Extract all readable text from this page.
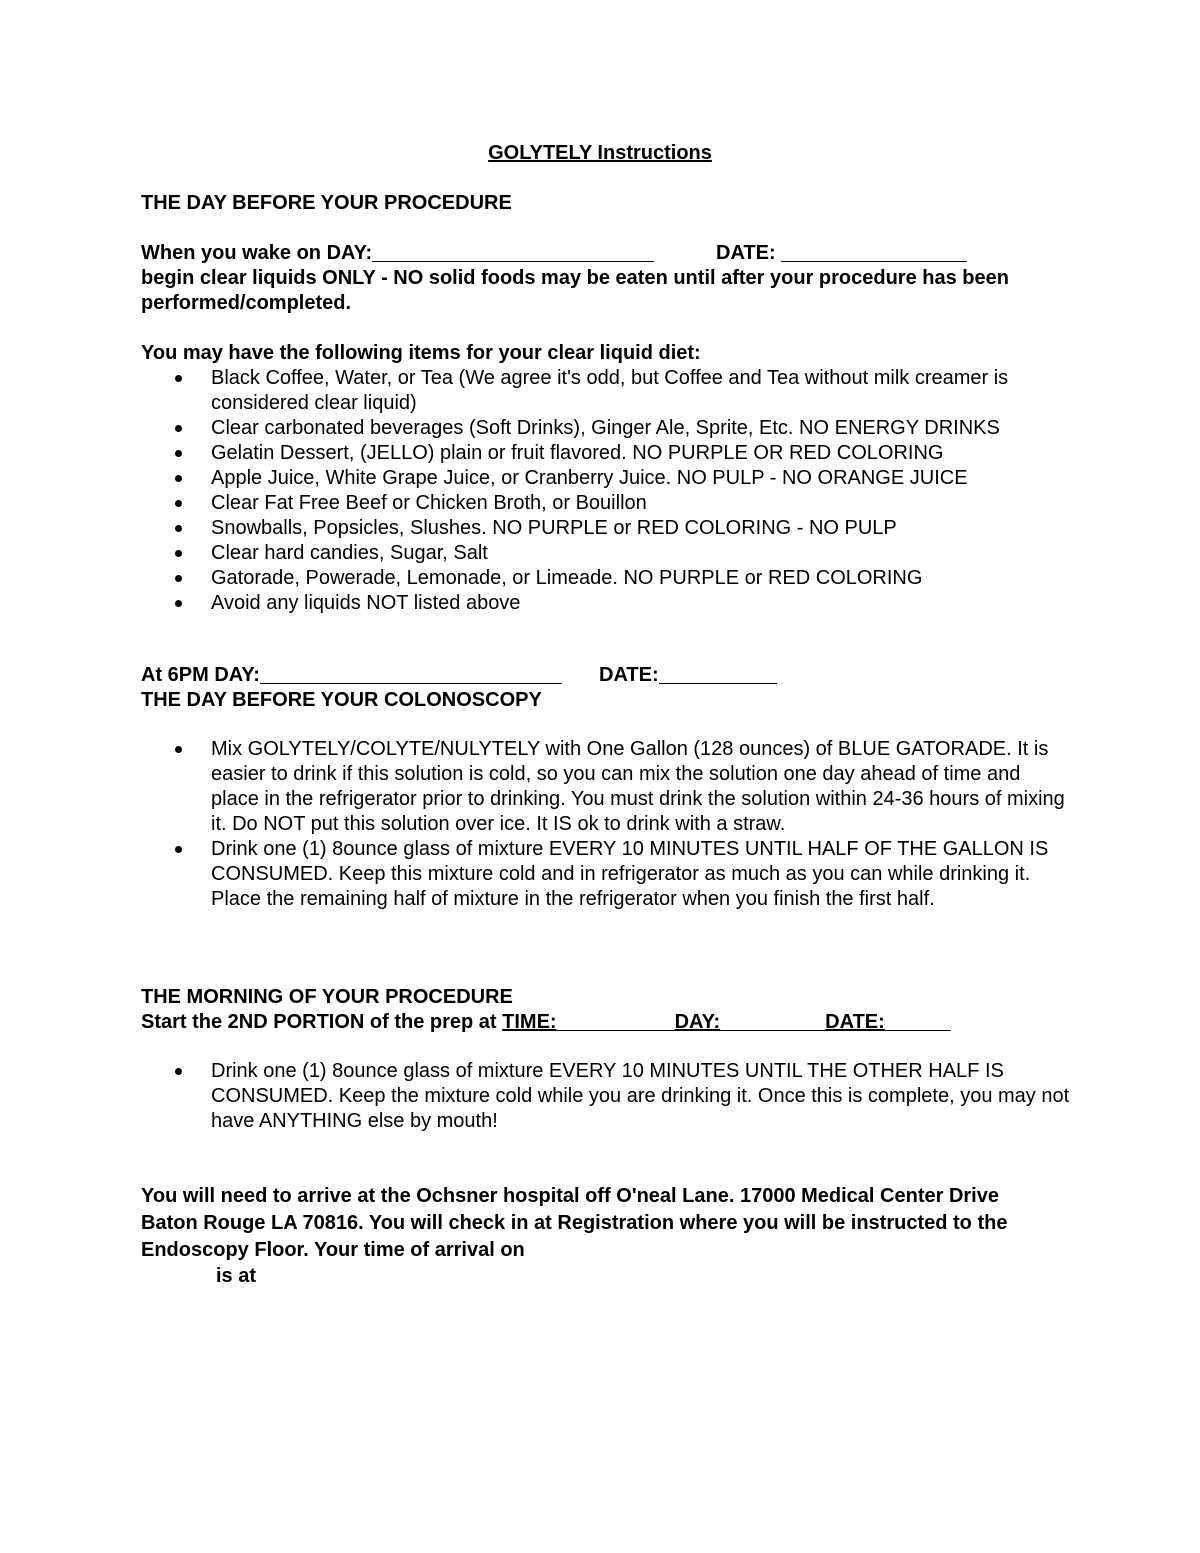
GOLYTELY Instructions
THE DAY BEFORE YOUR PROCEDURE
When you wake on DAY:	DATE:
begin clear liquids ONLY - NO solid foods may be eaten until after your procedure has been performed/completed.
You may have the following items for your clear liquid diet:
Black Coffee, Water, or Tea (We agree it's odd, but Coffee and Tea without milk creamer is considered clear liquid)
Clear carbonated beverages (Soft Drinks), Ginger Ale, Sprite, Etc. NO ENERGY DRINKS
Gelatin Dessert, (JELLO) plain or fruit flavored. NO PURPLE OR RED COLORING
Apple Juice, White Grape Juice, or Cranberry Juice. NO PULP - NO ORANGE JUICE
Clear Fat Free Beef or Chicken Broth, or Bouillon
Snowballs, Popsicles, Slushes. NO PURPLE or RED COLORING - NO PULP
Clear hard candies, Sugar, Salt
Gatorade, Powerade, Lemonade, or Limeade. NO PURPLE or RED COLORING
Avoid any liquids NOT listed above
At 6PM DAY:	DATE:
THE DAY BEFORE YOUR COLONOSCOPY
Mix GOLYTELY/COLYTE/NULYTELY with One Gallon (128 ounces) of BLUE GATORADE. It is easier to drink if this solution is cold, so you can mix the solution one day ahead of time and place in the refrigerator prior to drinking. You must drink the solution within 24-36 hours of mixing it. Do NOT put this solution over ice. It IS ok to drink with a straw.
Drink one (1) 8ounce glass of mixture EVERY 10 MINUTES UNTIL HALF OF THE GALLON IS CONSUMED. Keep this mixture cold and in refrigerator as much as you can while drinking it. Place the remaining half of mixture in the refrigerator when you finish the first half.
THE MORNING OF YOUR PROCEDURE
Start the 2ND PORTION of the prep at TIME:	DAY:	DATE:
Drink one (1) 8ounce glass of mixture EVERY 10 MINUTES UNTIL THE OTHER HALF IS CONSUMED. Keep the mixture cold while you are drinking it. Once this is complete, you may not have ANYTHING else by mouth!
You will need to arrive at the Ochsner hospital off O'neal Lane. 17000 Medical Center Drive Baton Rouge LA 70816. You will check in at Registration where you will be instructed to the Endoscopy Floor. Your time of arrival on
is at
